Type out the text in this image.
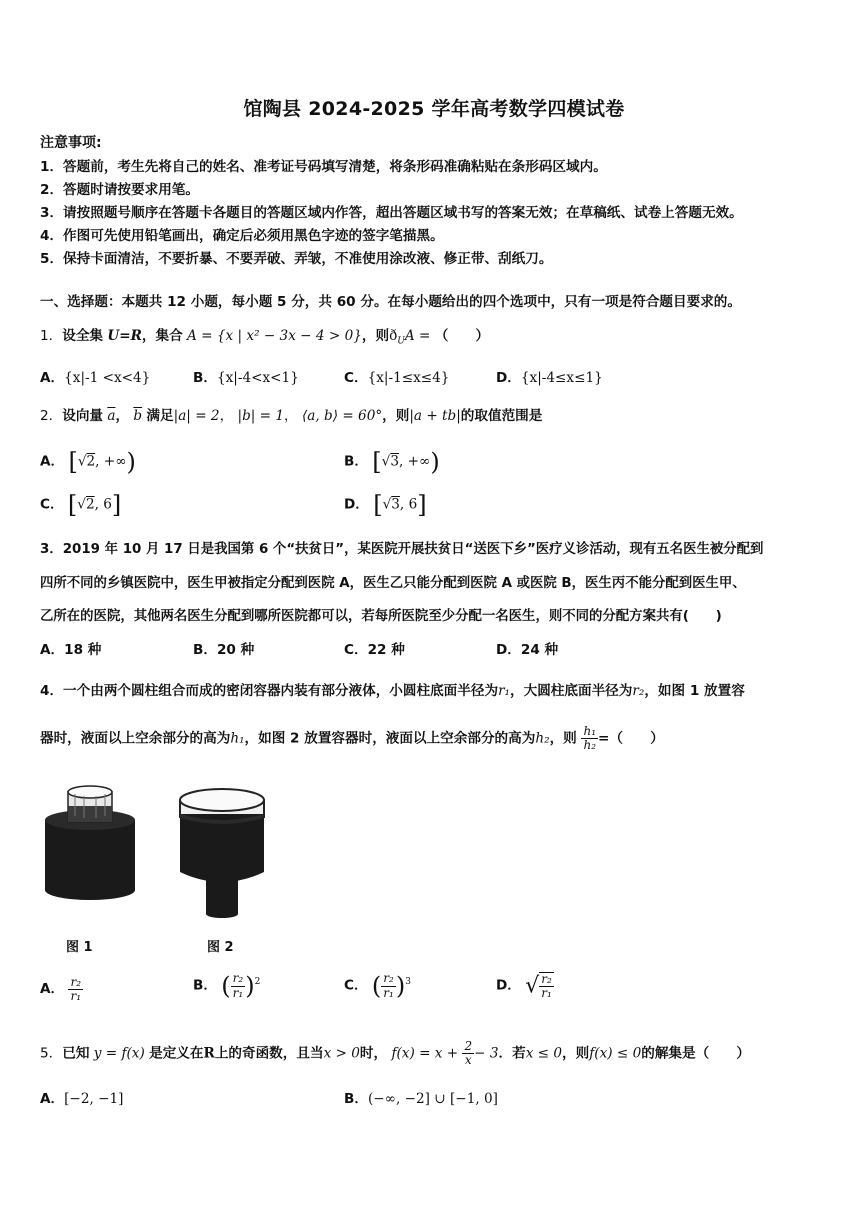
馆陶县 2024-2025 学年高考数学四模试卷
注意事项:
1．答题前，考生先将自己的姓名、准考证号码填写清楚，将条形码准确粘贴在条形码区域内。
2．答题时请按要求用笔。
3．请按照题号顺序在答题卡各题目的答题区域内作答，超出答题区域书写的答案无效；在草稿纸、试卷上答题无效。
4．作图可先使用铅笔画出，确定后必须用黑色字迹的签字笔描黑。
5．保持卡面清洁，不要折暴、不要弄破、弄皱，不准使用涂改液、修正带、刮纸刀。
一、选择题：本题共 12 小题，每小题 5 分，共 60 分。在每小题给出的四个选项中，只有一项是符合题目要求的。
1．设全集 U=R，集合 A = {x | x² − 3x − 4 > 0}，则$ð_UA$ = （　　）
A．{x|-1 <x<4}	B．{x|-4<x<1}	C．{x|-1≤x≤4}	D．{x|-4≤x≤1}
2．设向量 $\overline{a}$， $\overline{b}$ 满足|a| = 2， |b| = 1， ⟨a, b⟩ = 60°，则|a + tb|的取值范围是
A． [√2, +∞)	B． [√3, +∞)
C． [√2, 6]	D． [√3, 6]
3．2019 年 10 月 17 日是我国第 6 个“扶贫日”，某医院开展扶贫日“送医下乡”医疗义诊活动，现有五名医生被分配到
四所不同的乡镇医院中，医生甲被指定分配到医院 A，医生乙只能分配到医院 A 或医院 B，医生丙不能分配到医生甲、
乙所在的医院，其他两名医生分配到哪所医院都可以，若每所医院至少分配一名医生，则不同的分配方案共有(　　)
A．18 种	B．20 种	C．22 种	D．24 种
4．一个由两个圆柱组合而成的密闭容器内装有部分液体，小圆柱底面半径为r₁，大圆柱底面半径为r₂，如图 1 放置容
器时，液面以上空余部分的高为h₁，如图 2 放置容器时，液面以上空余部分的高为h₂，则 $\frac{\text{h₁}}{\text{h₂}}$ =（　　）
图 1	图 2
A． $\frac{\text{r₂}}{\text{r₁}}$	B． ( $\frac{\text{r₂}}{\text{r₁}} )^2$	C． ( $\frac{\text{r₂}}{\text{r₁}} )^3$	D． √ $\frac{\text{r₂}}{\text{r₁}}$
5．已知 y = f(x) 是定义在R上的奇函数，且当x > 0时， $f(x) = x + \frac{2}{x} - 3$．若x ≤ 0，则f(x) ≤ 0的解集是（　　）
A．[−2, −1]	B．(−∞, −2] ∪ [−1, 0]
